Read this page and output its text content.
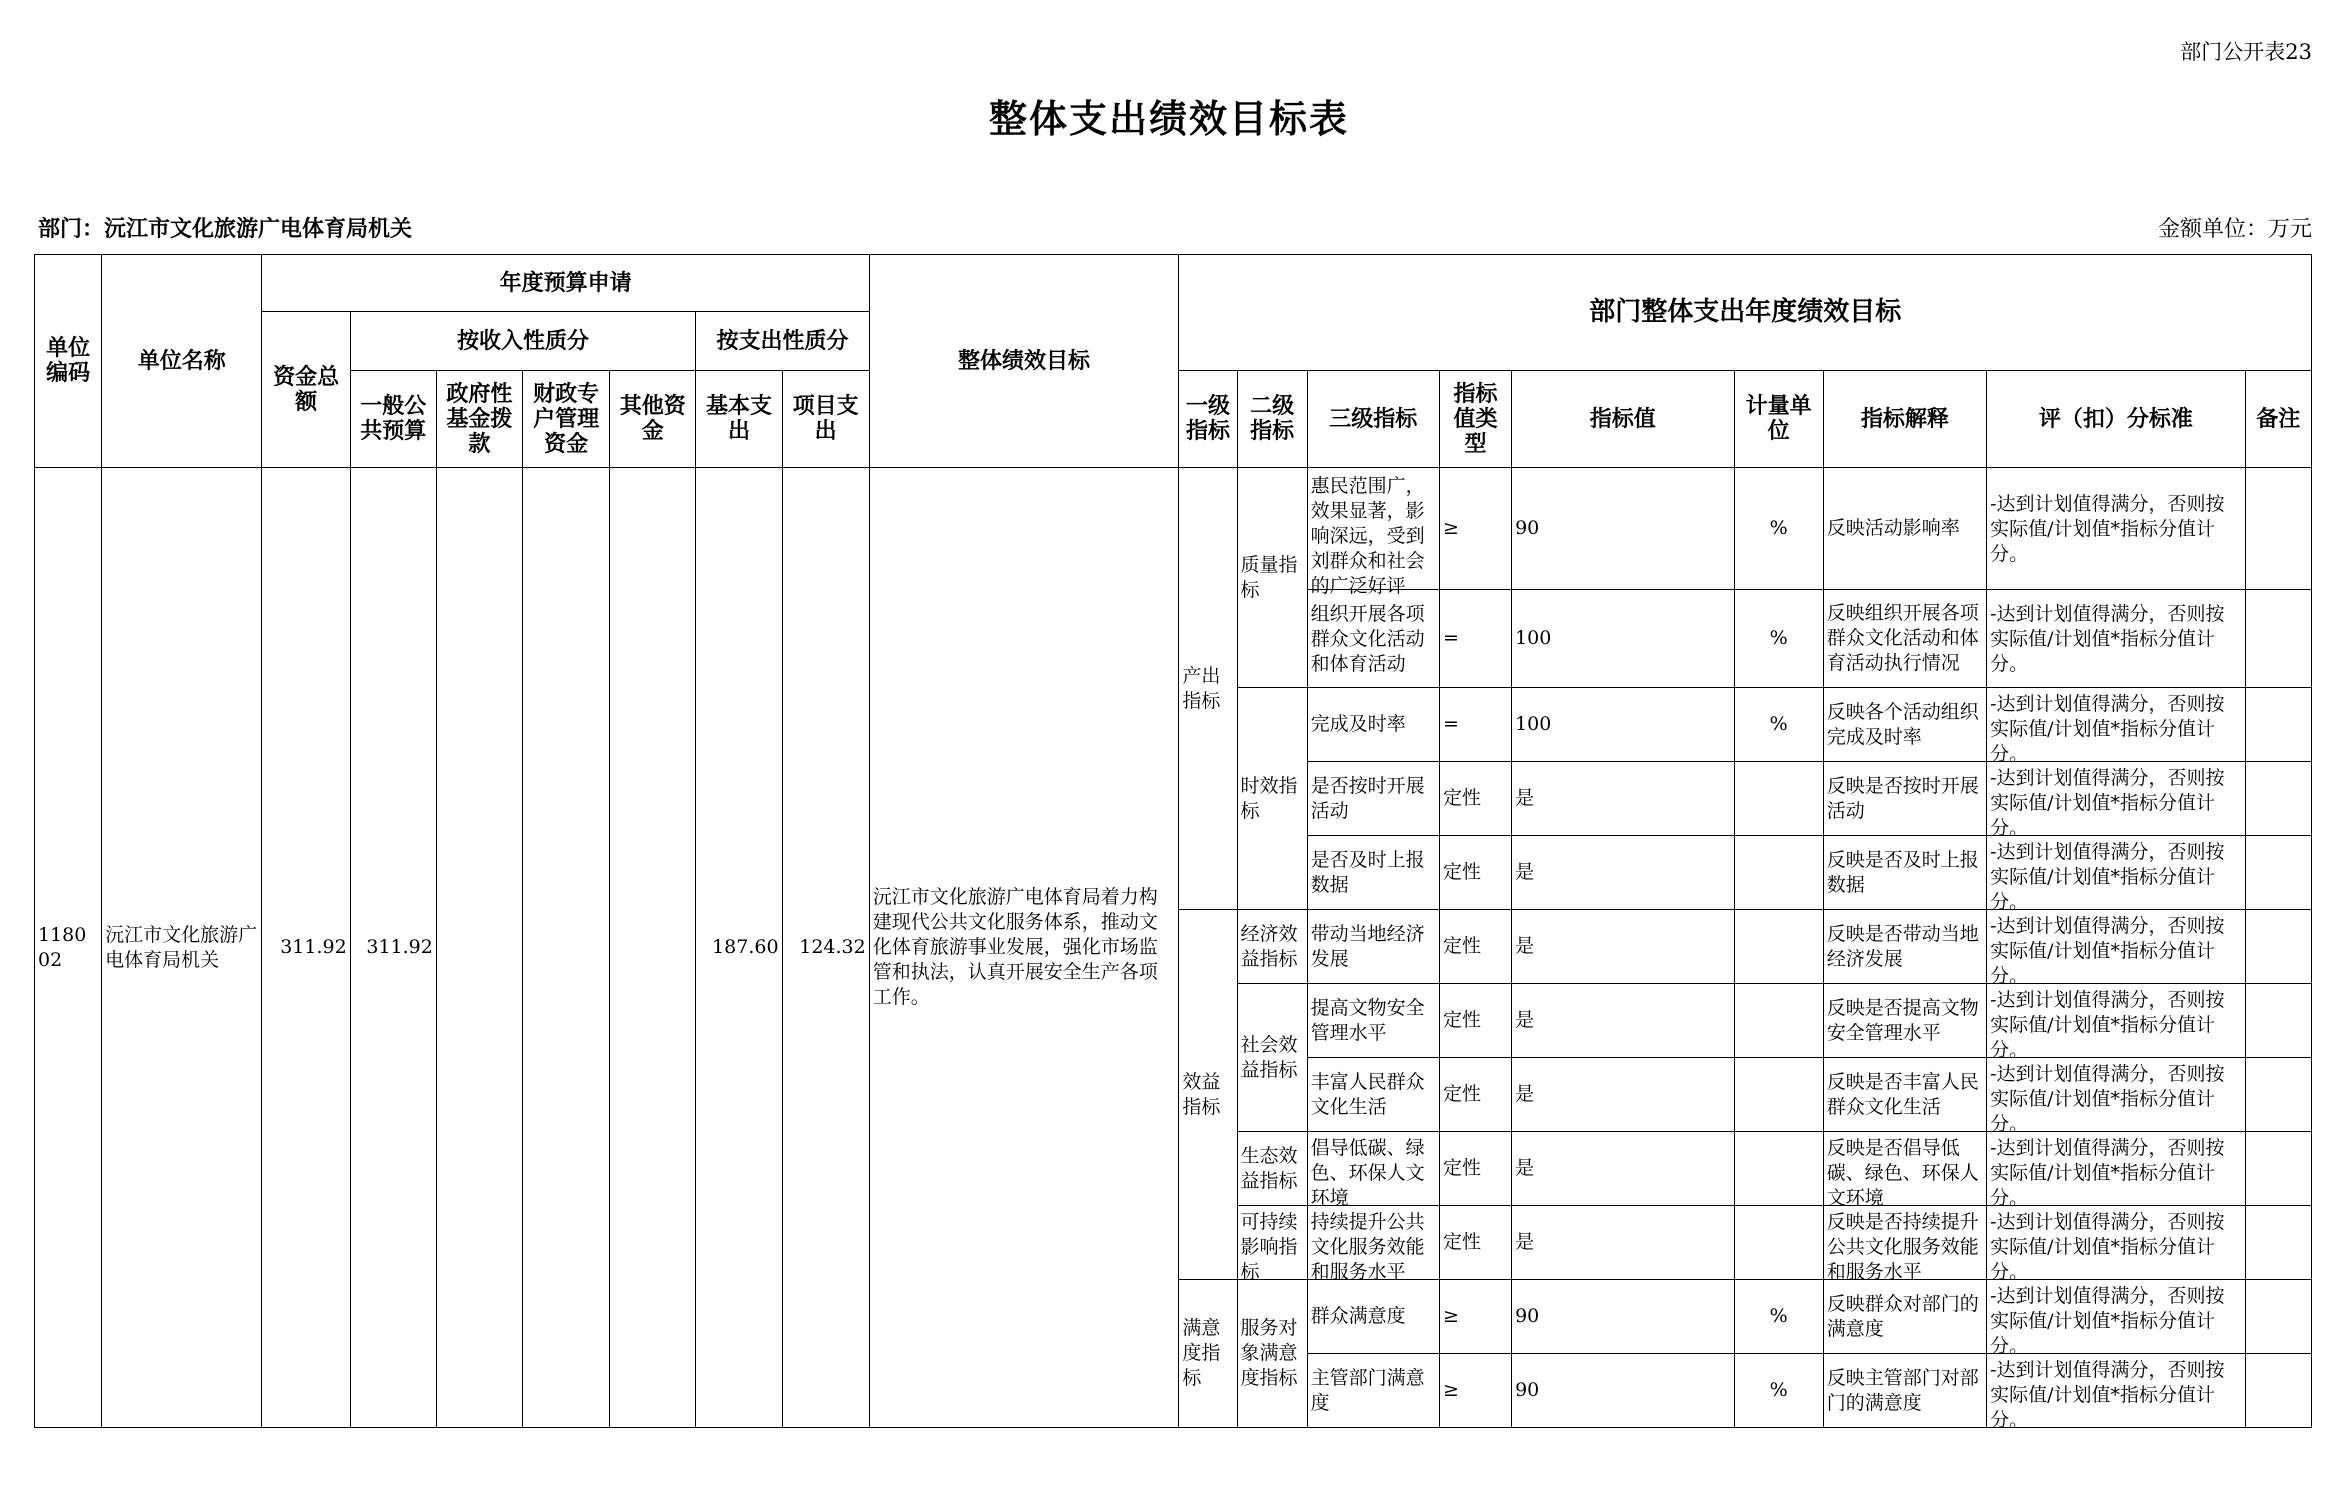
部门公开表23
整体支出绩效目标表
部门：沅江市文化旅游广电体育局机关	金额单位：万元
单位编码	单位名称	年度预算申请							整体绩效目标	部门整体支出年度绩效目标								
		资金总额	按收入性质分				按支出性质分											
			一般公共预算	政府性基金拨款	财政专户管理资金	其他资金	基本支出	项目支出		一级指标	二级指标	三级指标	指标值类型	指标值	计量单位	指标解释	评（扣）分标准	备注
118002	沅江市文化旅游广电体育局机关	311.92	311.92				187.60	124.32	沅江市文化旅游广电体育局着力构建现代公共文化服务体系，推动文化体育旅游事业发展，强化市场监管和执法，认真开展安全生产各项工作。	产出指标	质量指标	惠民范围广，效果显著，影响深远，受到刘群众和社会的广泛好评	≥	90	%	反映活动影响率	-达到计划值得满分，否则按实际值/计划值*指标分值计分。	

												组织开展各项群众文化活动和体育活动	=	100	%	反映组织开展各项群众文化活动和体育活动执行情况	-达到计划值得满分，否则按实际值/计划值*指标分值计分。	

											时效指标	完成及时率	=	100	%	反映各个活动组织完成及时率	-达到计划值得满分，否则按实际值/计划值*指标分值计分。	

												是否按时开展活动	定性	是		反映是否按时开展活动	-达到计划值得满分，否则按实际值/计划值*指标分值计分。	

												是否及时上报数据	定性	是		反映是否及时上报数据	-达到计划值得满分，否则按实际值/计划值*指标分值计分。	

										效益指标	经济效益指标	带动当地经济发展	定性	是		反映是否带动当地经济发展	-达到计划值得满分，否则按实际值/计划值*指标分值计分。	

											社会效益指标	提高文物安全管理水平	定性	是		反映是否提高文物安全管理水平	-达到计划值得满分，否则按实际值/计划值*指标分值计分。	

												丰富人民群众文化生活	定性	是		反映是否丰富人民群众文化生活	-达到计划值得满分，否则按实际值/计划值*指标分值计分。	

											生态效益指标	倡导低碳、绿色、环保人文环境	定性	是		反映是否倡导低碳、绿色、环保人文环境	-达到计划值得满分，否则按实际值/计划值*指标分值计分。	

											可持续影响指标	持续提升公共文化服务效能和服务水平	定性	是		反映是否持续提升公共文化服务效能和服务水平	-达到计划值得满分，否则按实际值/计划值*指标分值计分。	

										满意度指标	服务对象满意度指标	群众满意度	≥	90	%	反映群众对部门的满意度	-达到计划值得满分，否则按实际值/计划值*指标分值计分。	

												主管部门满意度	≥	90	%	反映主管部门对部门的满意度	-达到计划值得满分，否则按实际值/计划值*指标分值计分。	
